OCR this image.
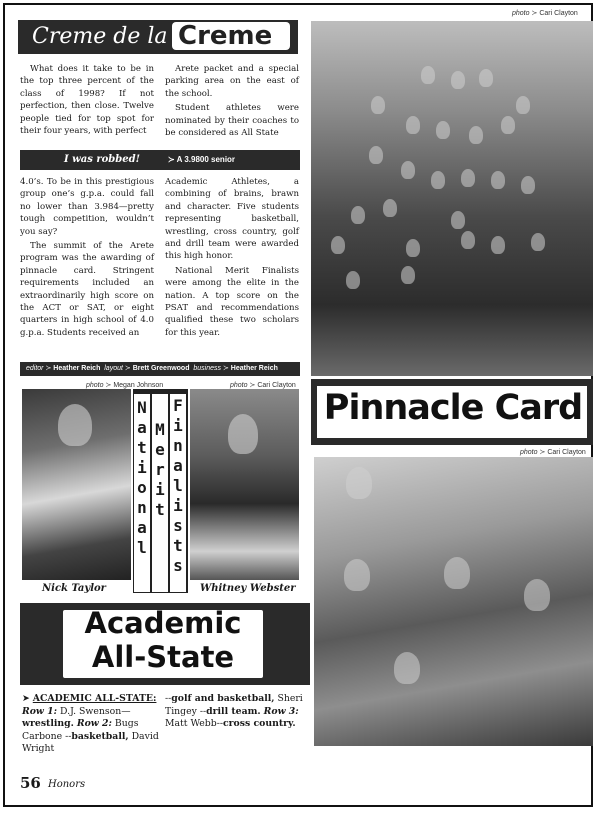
Creme de la Creme
photo ≻ Cari Clayton

What does it take to be in the top three percent of the class of 1998? If not perfection, then close. Twelve people tied for top spot for their four years, with perfect

Arete packet and a special parking area on the east of the school.

Student athletes were nominated by their coaches to be considered as All State

I was robbed!	≻ A 3.9800 senior

4.0’s. To be in this prestigious group one’s g.p.a. could fall no lower than 3.984—pretty tough competition, wouldn’t you say?

The summit of the Arete program was the awarding of pinnacle card. Stringent requirements included an extraordinarily high score on the ACT or SAT, or eight quarters in high school of 4.0 g.p.a. Students received an

Academic Athletes, a combining of brains, brawn and character. Five students representing basketball, wrestling, cross country, golf and drill team were awarded this high honor.

National Merit Finalists were among the elite in the nation. A top score on the PSAT and recommendations qualified these two scholars for this year.

editor ≻ Heather Reich layout ≻ Brett Greenwood business ≻ Heather Reich
photo ≻ Megan Johnson
National
Merit
Finalists
photo ≻ Cari Clayton
Nick Taylor	Whitney Webster
Pinnacle Card
photo ≻ Cari Clayton
Academic
All-State
➤ ACADEMIC ALL-STATE:
Row 1: D.J. Swenson—wrestling. Row 2: Bugs Carbone --basketball, David Wright
--golf and basketball, Sheri Tingey --drill team. Row 3: Matt Webb--cross country.
56 Honors
